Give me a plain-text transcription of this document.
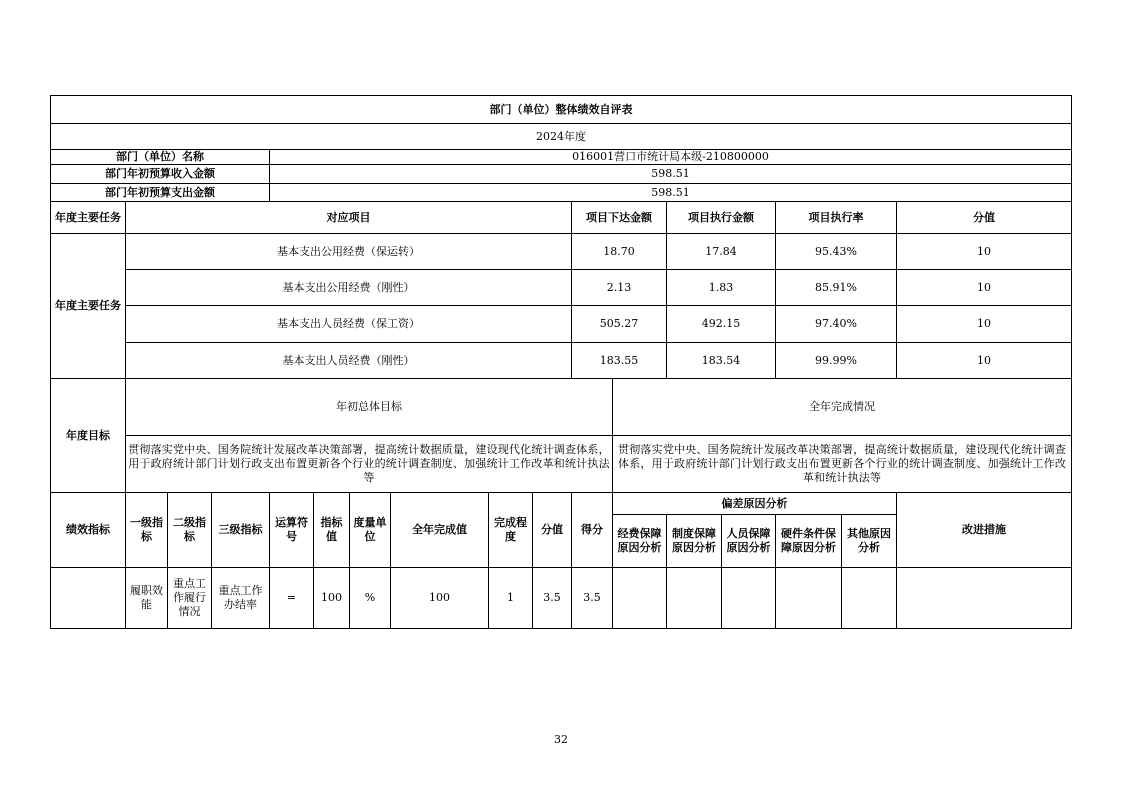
部门（单位）整体绩效自评表																	
2024年度																	
部门（单位）名称				016001营口市统计局本级-210800000													
部门年初预算收入金额				598.51													
部门年初预算支出金额				598.51													
年度主要任务	对应项目									项目下达金额		项目执行金额		项目执行率		分值	
年度主要任务	基本支出公用经费（保运转）									18.70		17.84		95.43%		10	
	基本支出公用经费（刚性）									2.13		1.83		85.91%		10	
	基本支出人员经费（保工资）									505.27		492.15		97.40%		10	
	基本支出人员经费（刚性）									183.55		183.54		99.99%		10	
年度目标	年初总体目标										全年完成情况						
	贯彻落实党中央、国务院统计发展改革决策部署，提高统计数据质量，建设现代化统计调查体系，用于政府统计部门计划行政支出布置更新各个行业的统计调查制度、加强统计工作改革和统计执法等										贯彻落实党中央、国务院统计发展改革决策部署，提高统计数据质量，建设现代化统计调查体系，用于政府统计部门计划行政支出布置更新各个行业的统计调查制度、加强统计工作改革和统计执法等						
绩效指标	一级指标	二级指标	三级指标	运算符号	指标值	度量单位	全年完成值	完成程度	分值	得分	偏差原因分析					改进措施	
											经费保障原因分析	制度保障原因分析	人员保障原因分析	硬件条件保障原因分析	其他原因分析		
	履职效能	重点工作履行情况	重点工作办结率	=	100	%	100	1	3.5	3.5							
32
